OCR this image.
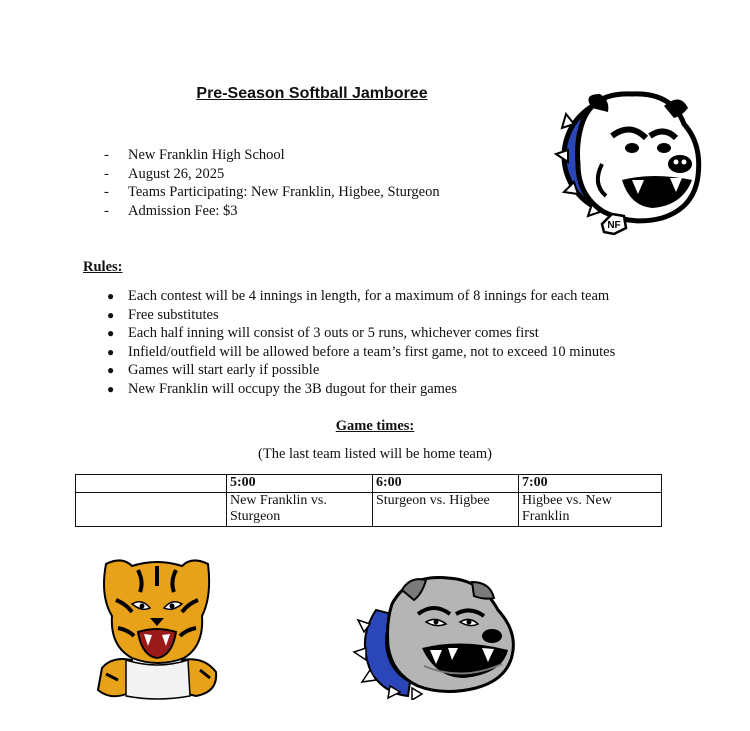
Pre-Season Softball Jamboree
NF
- New Franklin High School
- August 26, 2025
- Teams Participating: New Franklin, Higbee, Sturgeon
- Admission Fee: $3
Rules:
● Each contest will be 4 innings in length, for a maximum of 8 innings for each team
● Free substitutes
● Each half inning will consist of 3 outs or 5 runs, whichever comes first
● Infield/outfield will be allowed before a team’s first game, not to exceed 10 minutes
● Games will start early if possible
● New Franklin will occupy the 3B dugout for their games
Game times:
(The last team listed will be home team)
	5:00	6:00	7:00
	New Franklin vs. Sturgeon	Sturgeon vs. Higbee	Higbee vs. New Franklin
